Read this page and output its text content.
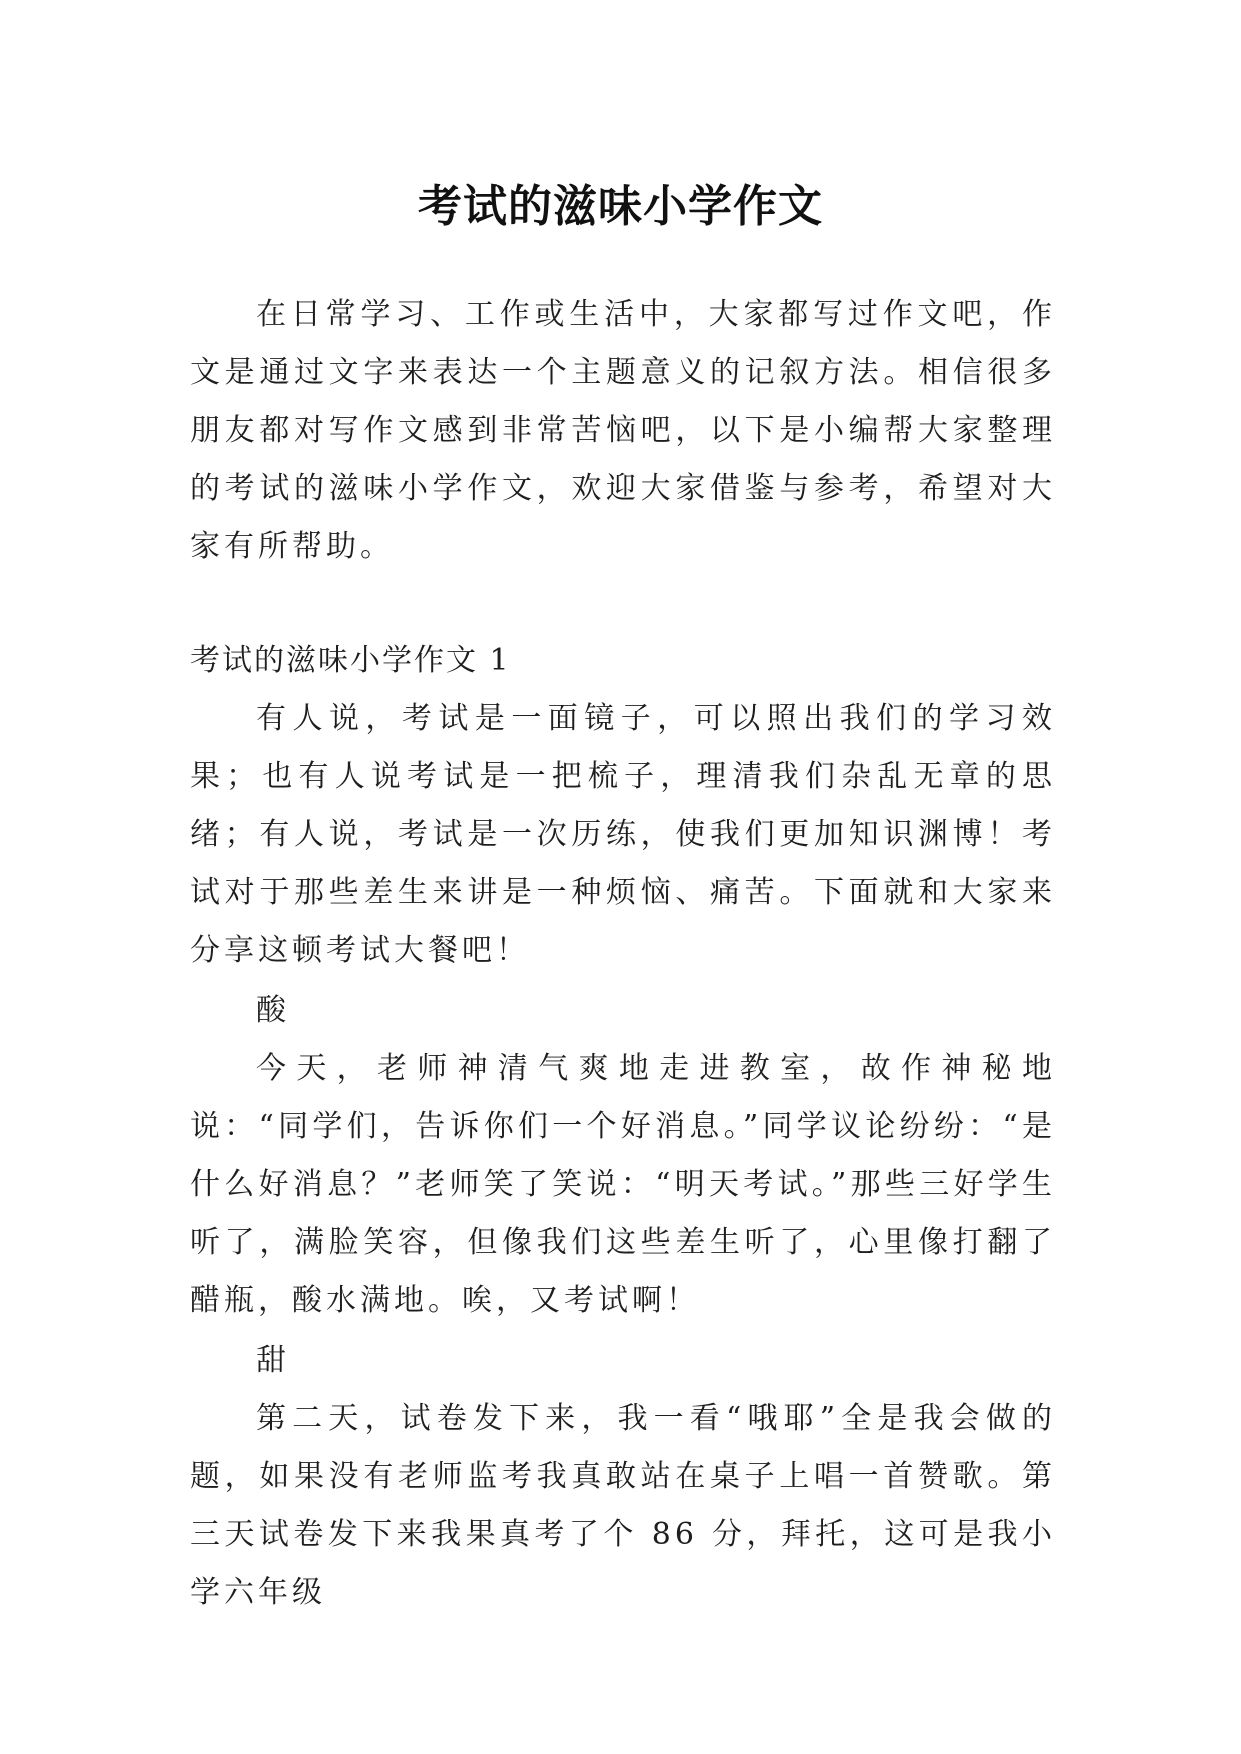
考试的滋味小学作文

在日常学习、工作或生活中，大家都写过作文吧，作文是通过文字来表达一个主题意义的记叙方法。相信很多朋友都对写作文感到非常苦恼吧，以下是小编帮大家整理的考试的滋味小学作文，欢迎大家借鉴与参考，希望对大家有所帮助。

考试的滋味小学作文 1

有人说，考试是一面镜子，可以照出我们的学习效果；也有人说考试是一把梳子，理清我们杂乱无章的思绪；有人说，考试是一次历练，使我们更加知识渊博！考试对于那些差生来讲是一种烦恼、痛苦。下面就和大家来分享这顿考试大餐吧！

酸

今天，老师神清气爽地走进教室，故作神秘地说：“同学们，告诉你们一个好消息。”同学议论纷纷：“是什么好消息？”老师笑了笑说：“明天考试。”那些三好学生听了，满脸笑容，但像我们这些差生听了，心里像打翻了醋瓶，酸水满地。唉，又考试啊！

甜

第二天，试卷发下来，我一看“哦耶”全是我会做的题，如果没有老师监考我真敢站在桌子上唱一首赞歌。第三天试卷发下来我果真考了个 86 分，拜托，这可是我小学六年级
